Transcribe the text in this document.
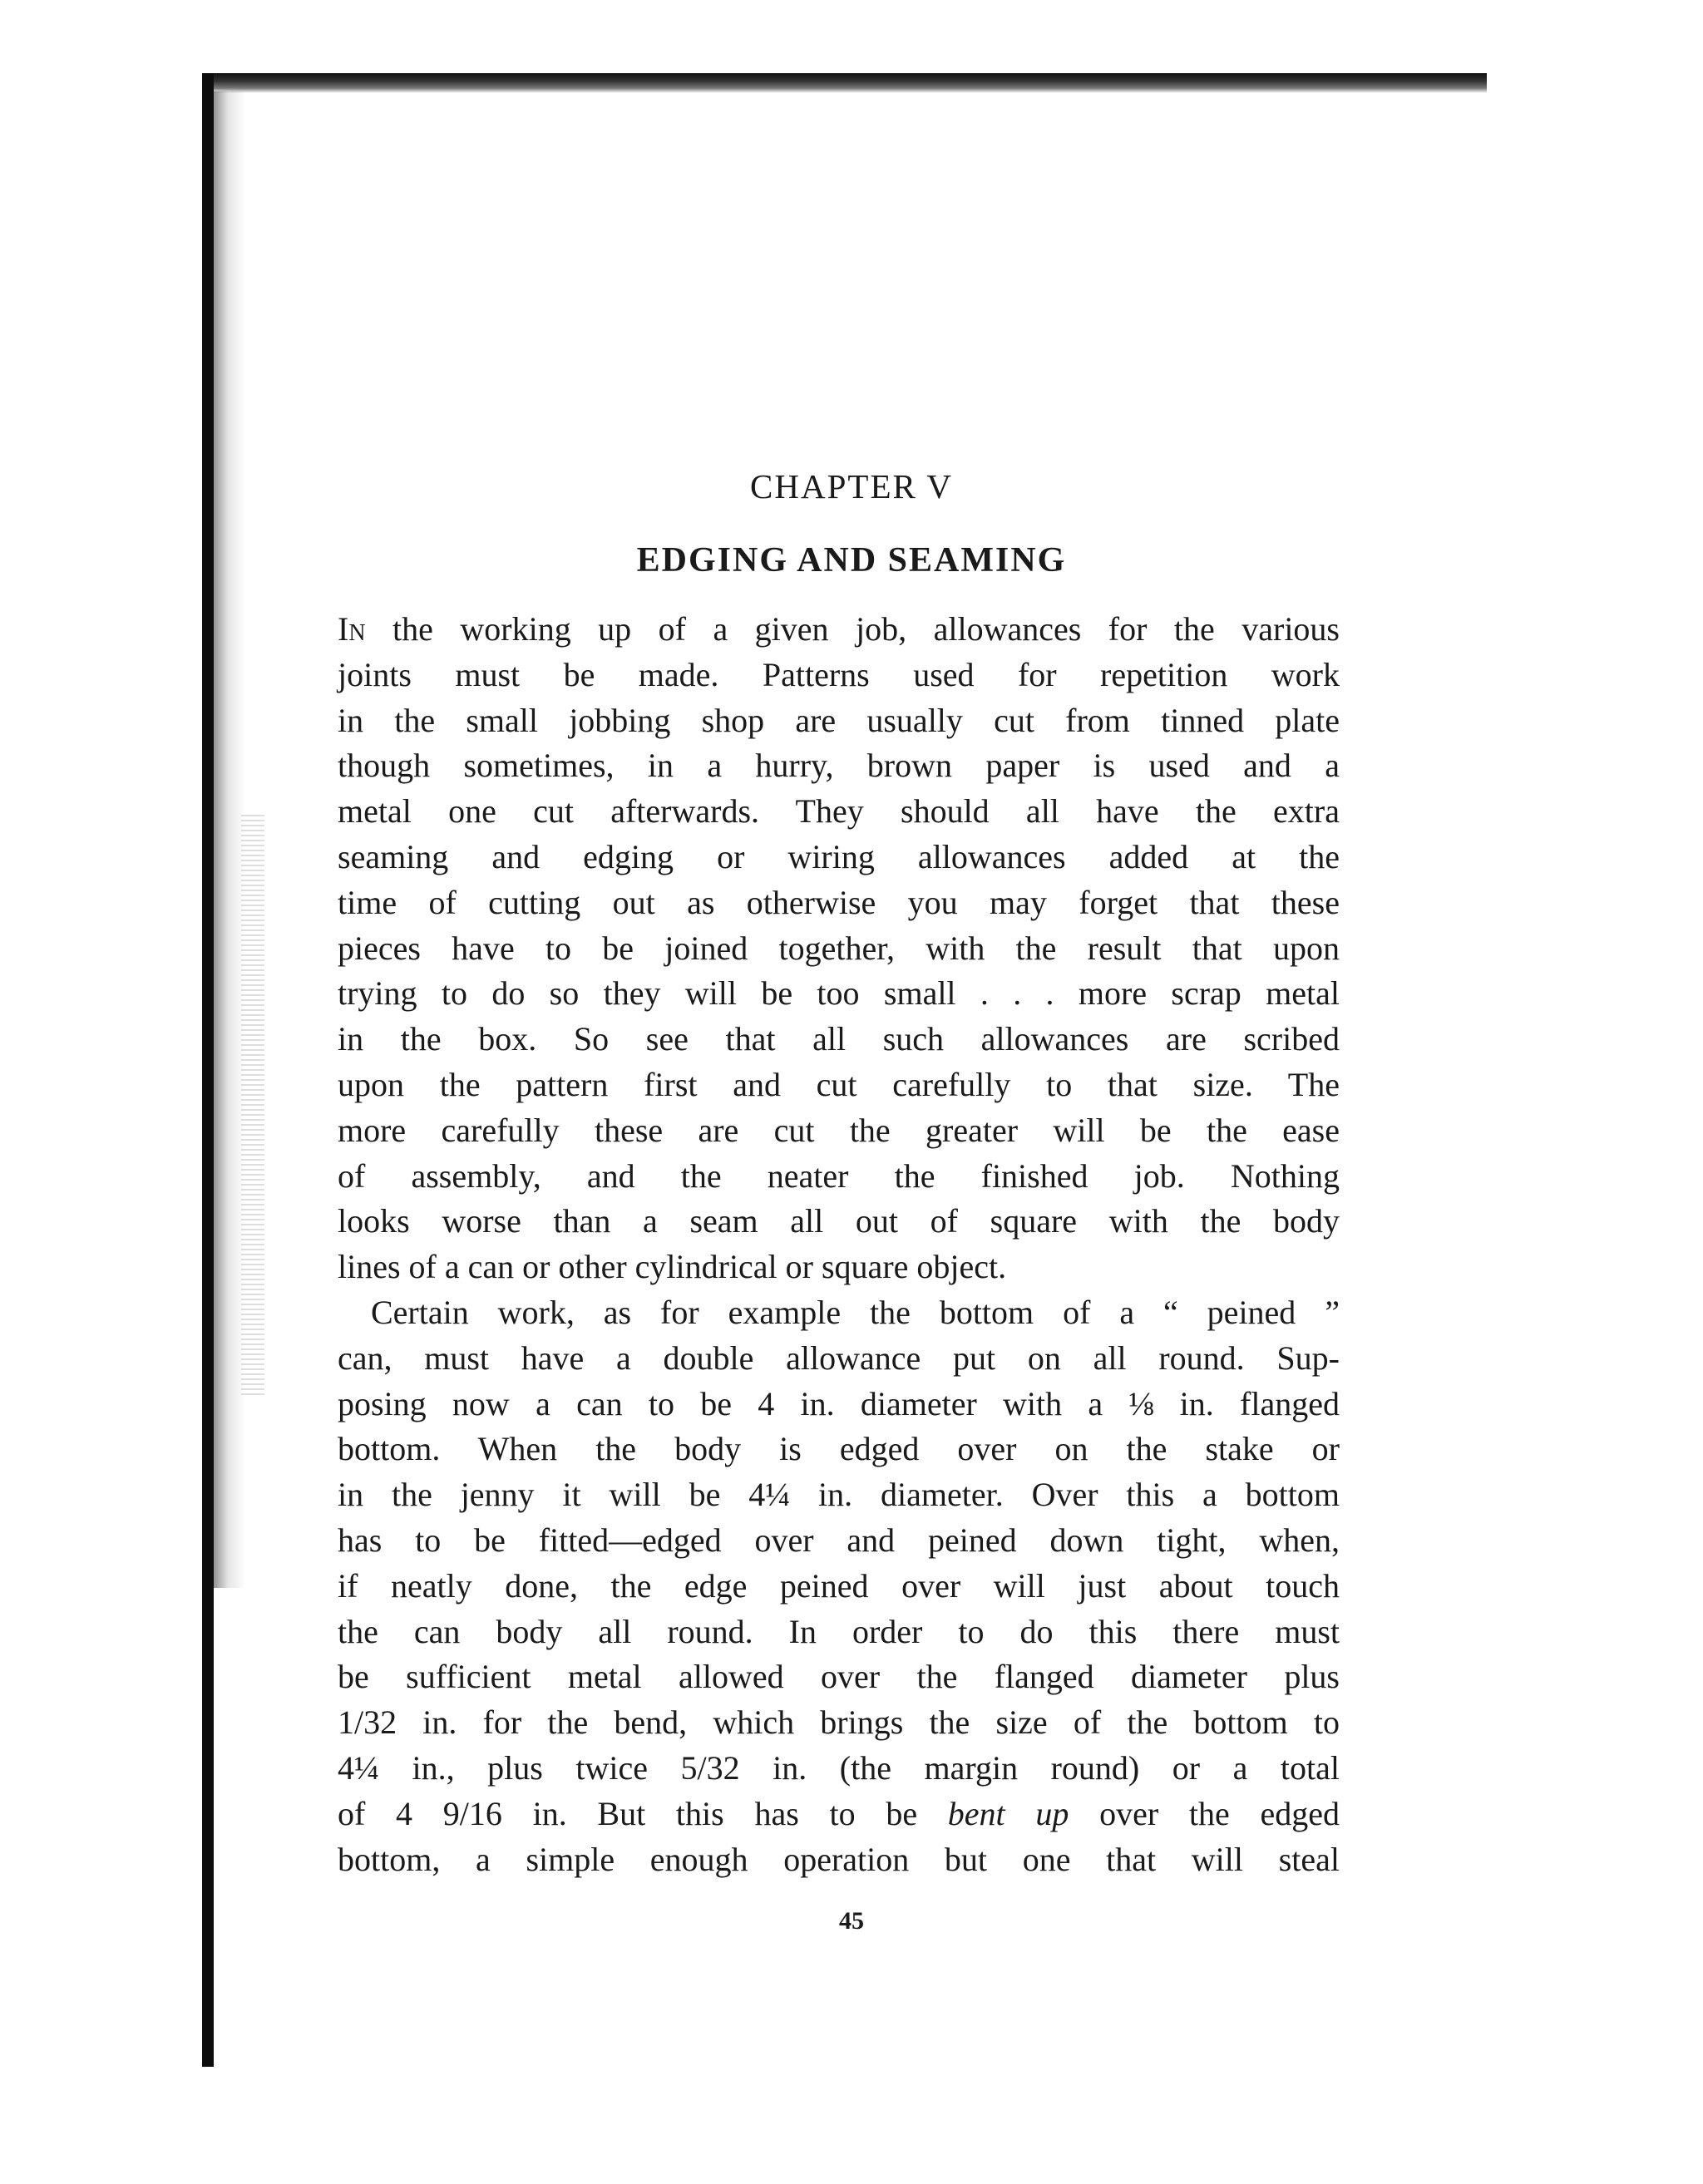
CHAPTER V
EDGING AND SEAMING

In the working up of a given job, allowances for the various

joints must be made. Patterns used for repetition work

in the small jobbing shop are usually cut from tinned plate

though sometimes, in a hurry, brown paper is used and a

metal one cut afterwards. They should all have the extra

seaming and edging or wiring allowances added at the

time of cutting out as otherwise you may forget that these

pieces have to be joined together, with the result that upon

trying to do so they will be too small . . . more scrap metal

in the box. So see that all such allowances are scribed

upon the pattern first and cut carefully to that size. The

more carefully these are cut the greater will be the ease

of assembly, and the neater the finished job. Nothing

looks worse than a seam all out of square with the body

lines of a can or other cylindrical or square object.

Certain work, as for example the bottom of a “ peined ”

can, must have a double allowance put on all round. Sup-

posing now a can to be 4 in. diameter with a ⅛ in. flanged

bottom. When the body is edged over on the stake or

in the jenny it will be 4¼ in. diameter. Over this a bottom

has to be fitted—edged over and peined down tight, when,

if neatly done, the edge peined over will just about touch

the can body all round. In order to do this there must

be sufficient metal allowed over the flanged diameter plus

1/32 in. for the bend, which brings the size of the bottom to

4¼ in., plus twice 5/32 in. (the margin round) or a total

of 4 9/16 in. But this has to be bent up over the edged

bottom, a simple enough operation but one that will steal

45
